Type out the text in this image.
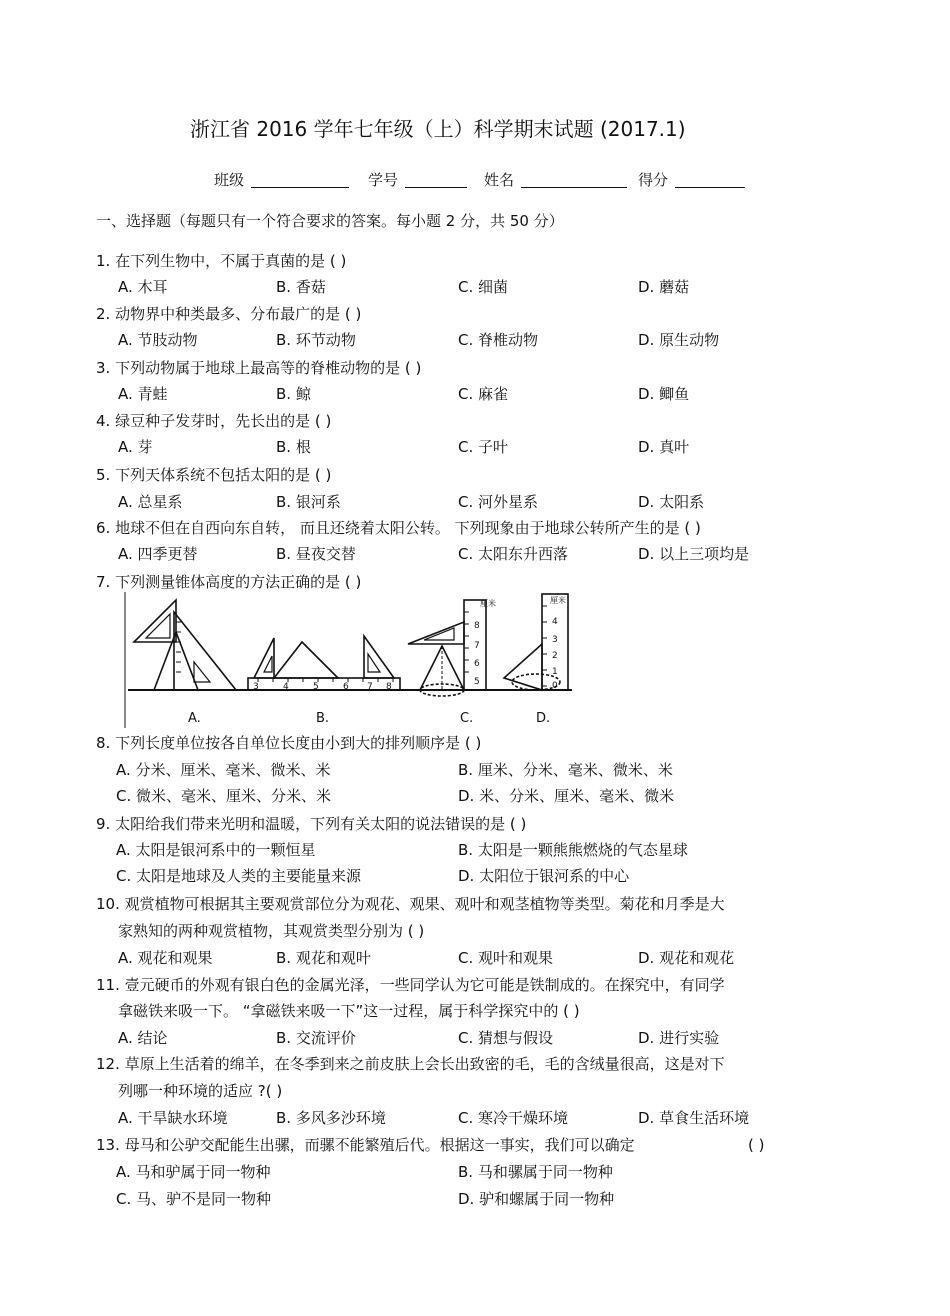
浙江省 2016 学年七年级（上）科学期末试题 (2017.1)
班级	学号	姓名	得分
一、选择题（每题只有一个符合要求的答案。每小题 2 分，共 50 分）
1. 在下列生物中，不属于真菌的是 ( )
A. 木耳	B. 香菇	C. 细菌	D. 蘑菇
2. 动物界中种类最多、分布最广的是 ( )
A. 节肢动物	B. 环节动物	C. 脊椎动物	D. 原生动物
3. 下列动物属于地球上最高等的脊椎动物的是 ( )
A. 青蛙	B. 鲸	C. 麻雀	D. 鲫鱼
4. 绿豆种子发芽时，先长出的是 ( )
A. 芽	B. 根	C. 子叶	D. 真叶
5. 下列天体系统不包括太阳的是 ( )
A. 总星系	B. 银河系	C. 河外星系	D. 太阳系
6. 地球不但在自西向东自转， 而且还绕着太阳公转。 下列现象由于地球公转所产生的是 ( )
A. 四季更替	B. 昼夜交替	C. 太阳东升西落	D. 以上三项均是
7. 下列测量锥体高度的方法正确的是 ( )
3	4	5	6 7 8
8
7
6
5
厘米
4
3
2
1
0
厘米
A.	B.	C.	D.
8. 下列长度单位按各自单位长度由小到大的排列顺序是 ( )
A. 分米、厘米、毫米、微米、米	B. 厘米、分米、毫米、微米、米
C. 微米、毫米、厘米、分米、米	D. 米、分米、厘米、毫米、微米
9. 太阳给我们带来光明和温暖，下列有关太阳的说法错误的是 ( )
A. 太阳是银河系中的一颗恒星	B. 太阳是一颗熊熊燃烧的气态星球
C. 太阳是地球及人类的主要能量来源	D. 太阳位于银河系的中心
10. 观赏植物可根据其主要观赏部位分为观花、观果、观叶和观茎植物等类型。菊花和月季是大
家熟知的两种观赏植物，其观赏类型分别为 ( )
A. 观花和观果	B. 观花和观叶	C. 观叶和观果	D. 观花和观花
11. 壹元硬币的外观有银白色的金属光泽，一些同学认为它可能是铁制成的。在探究中，有同学
拿磁铁来吸一下。 “拿磁铁来吸一下”这一过程，属于科学探究中的 ( )
A. 结论	B. 交流评价	C. 猜想与假设	D. 进行实验
12. 草原上生活着的绵羊，在冬季到来之前皮肤上会长出致密的毛，毛的含绒量很高，这是对下
列哪一种环境的适应 ?( )
A. 干旱缺水环境	B. 多风多沙环境	C. 寒冷干燥环境	D. 草食生活环境
13. 母马和公驴交配能生出骡，而骡不能繁殖后代。根据这一事实，我们可以确定	( )
A. 马和驴属于同一物种	B. 马和骡属于同一物种
C. 马、驴不是同一物种	D. 驴和螺属于同一物种
